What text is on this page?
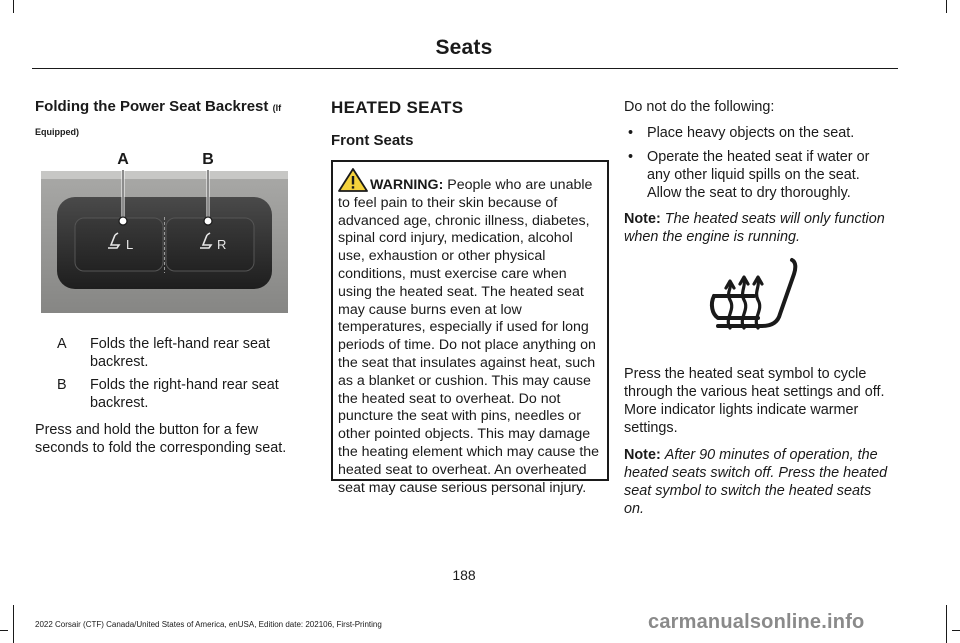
Seats
Folding the Power Seat Backrest (If
Equipped)
L	R
A	B
A	Folds the left-hand rear seat backrest.
B	Folds the right-hand rear seat backrest.
Press and hold the button for a few seconds to fold the corresponding seat.
HEATED SEATS
Front Seats
WARNING: People who are unable to feel pain to their skin because of advanced age, chronic illness, diabetes, spinal cord injury, medication, alcohol use, exhaustion or other physical conditions, must exercise care when using the heated seat. The heated seat may cause burns even at low temperatures, especially if used for long periods of time. Do not place anything on the seat that insulates against heat, such as a blanket or cushion. This may cause the heated seat to overheat. Do not puncture the seat with pins, needles or other pointed objects. This may damage the heating element which may cause the heated seat to overheat. An overheated seat may cause serious personal injury.
Do not do the following:
• Place heavy objects on the seat.
• Operate the heated seat if water or any other liquid spills on the seat. Allow the seat to dry thoroughly.
Note: The heated seats will only function when the engine is running.
Press the heated seat symbol to cycle through the various heat settings and off. More indicator lights indicate warmer settings.
Note: After 90 minutes of operation, the heated seats switch off. Press the heated seat symbol to switch the heated seats on.
188
2022 Corsair (CTF) Canada/United States of America, enUSA, Edition date: 202106, First-Printing	carmanualsonline.info
